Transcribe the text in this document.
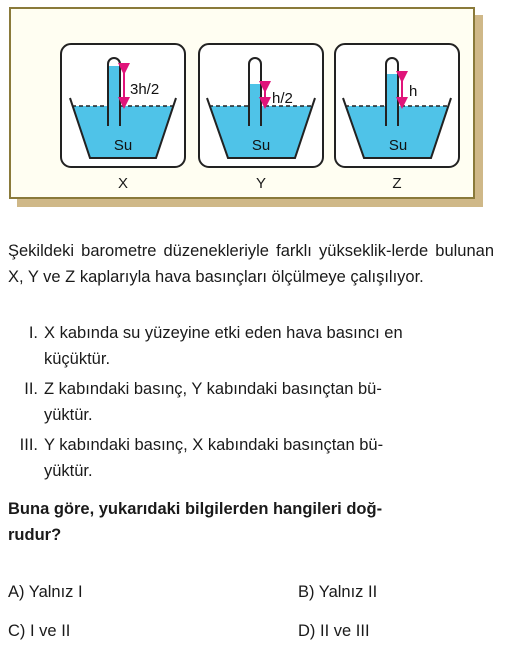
3h/2
Su
h/2
Su
h
Su
X	Y	Z
Şekildeki barometre düzenekleriyle farklı yükseklik-lerde bulunan X, Y ve Z kaplarıyla hava basınçları ölçülmeye çalışılıyor.
I. X kabında su yüzeyine etki eden hava basıncı en
küçüktür.
II. Z kabındaki basınç, Y kabındaki basınçtan bü-
yüktür.
III. Y kabındaki basınç, X kabındaki basınçtan bü-
yüktür.
Buna göre, yukarıdaki bilgilerden hangileri doğ-
rudur?
A) Yalnız I	B) Yalnız II
C) I ve II	D) II ve III
